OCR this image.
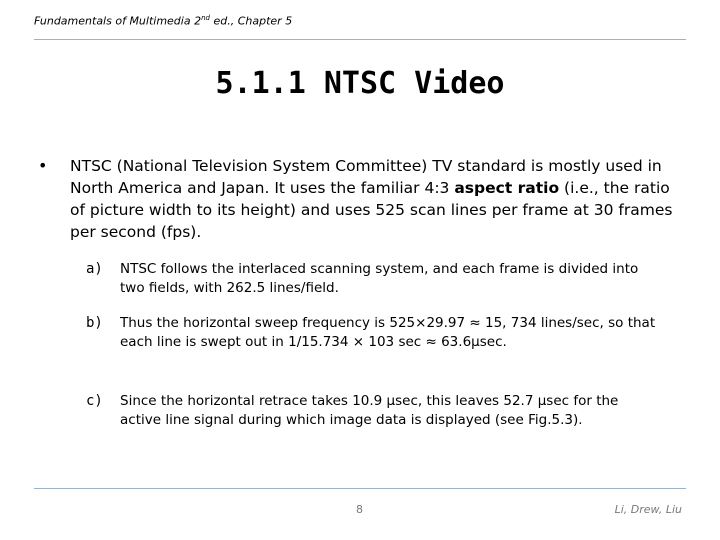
Fundamentals of Multimedia 2nd ed., Chapter 5
5.1.1 NTSC Video
• NTSC (National Television System Committee) TV standard is mostly used in North America and Japan. It uses the familiar 4:3 aspect ratio (i.e., the ratio of picture width to its height) and uses 525 scan lines per frame at 30 frames per second (fps).
a) NTSC follows the interlaced scanning system, and each frame is divided into two fields, with 262.5 lines/field.
b) Thus the horizontal sweep frequency is 525×29.97 ≈ 15, 734 lines/sec, so that each line is swept out in 1/15.734 × 103 sec ≈ 63.6μsec.
c) Since the horizontal retrace takes 10.9 μsec, this leaves 52.7 μsec for the active line signal during which image data is displayed (see Fig.5.3).
8	Li, Drew, Liu
